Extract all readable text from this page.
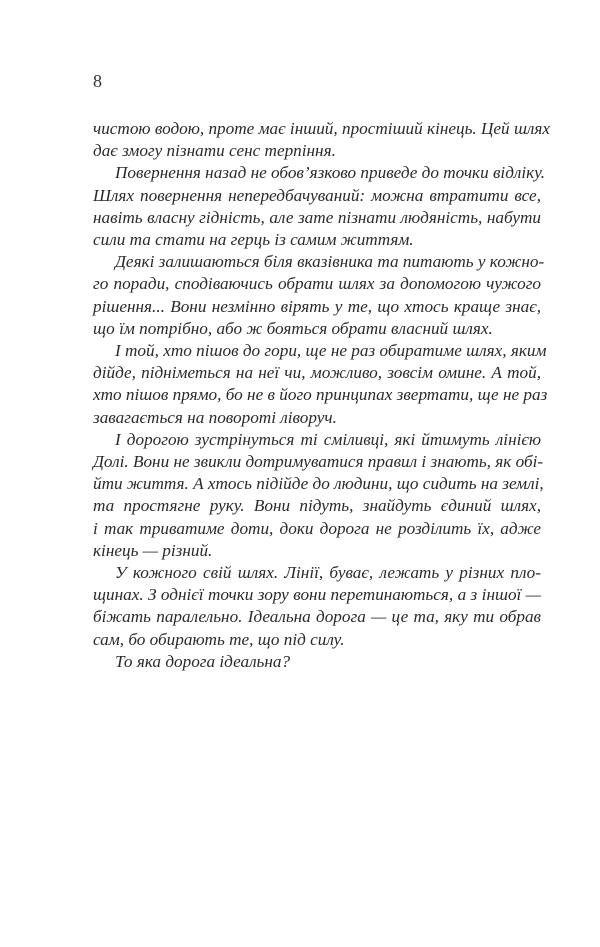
8

чистою водою, проте має інший, простіший кінець. Цей шлях
дає змогу пізнати сенс терпіння.

Повернення назад не обов’язково приведе до точки відліку.
Шлях повернення непередбачуваний: можна втратити все,
навіть власну гідність, але зате пізнати людяність, набути
сили та стати на герць із самим життям.

Деякі залишаються біля вказівника та питають у кожно-
го поради, сподіваючись обрати шлях за допомогою чужого
рішення... Вони незмінно вірять у те, що хтось краще знає,
що їм потрібно, або ж бояться обрати власний шлях.

І той, хто пішов до гори, ще не раз обиратиме шлях, яким
дійде, підніметься на неї чи, можливо, зовсім омине. А той,
хто пішов прямо, бо не в його принципах звертати, ще не раз
завагається на повороті ліворуч.

І дорогою зустрінуться ті сміливці, які йтимуть лінією
Долі. Вони не звикли дотримуватися правил і знають, як обі-
йти життя. А хтось підійде до людини, що сидить на землі,
та простягне руку. Вони підуть, знайдуть єдиний шлях,
і так триватиме доти, доки дорога не розділить їх, адже
кінець — різний.

У кожного свій шлях. Лінії, буває, лежать у різних пло-
щинах. З однієї точки зору вони перетинаються, а з іншої —
біжать паралельно. Ідеальна дорога — це та, яку ти обрав
сам, бо обирають те, що під силу.

То яка дорога ідеальна?
